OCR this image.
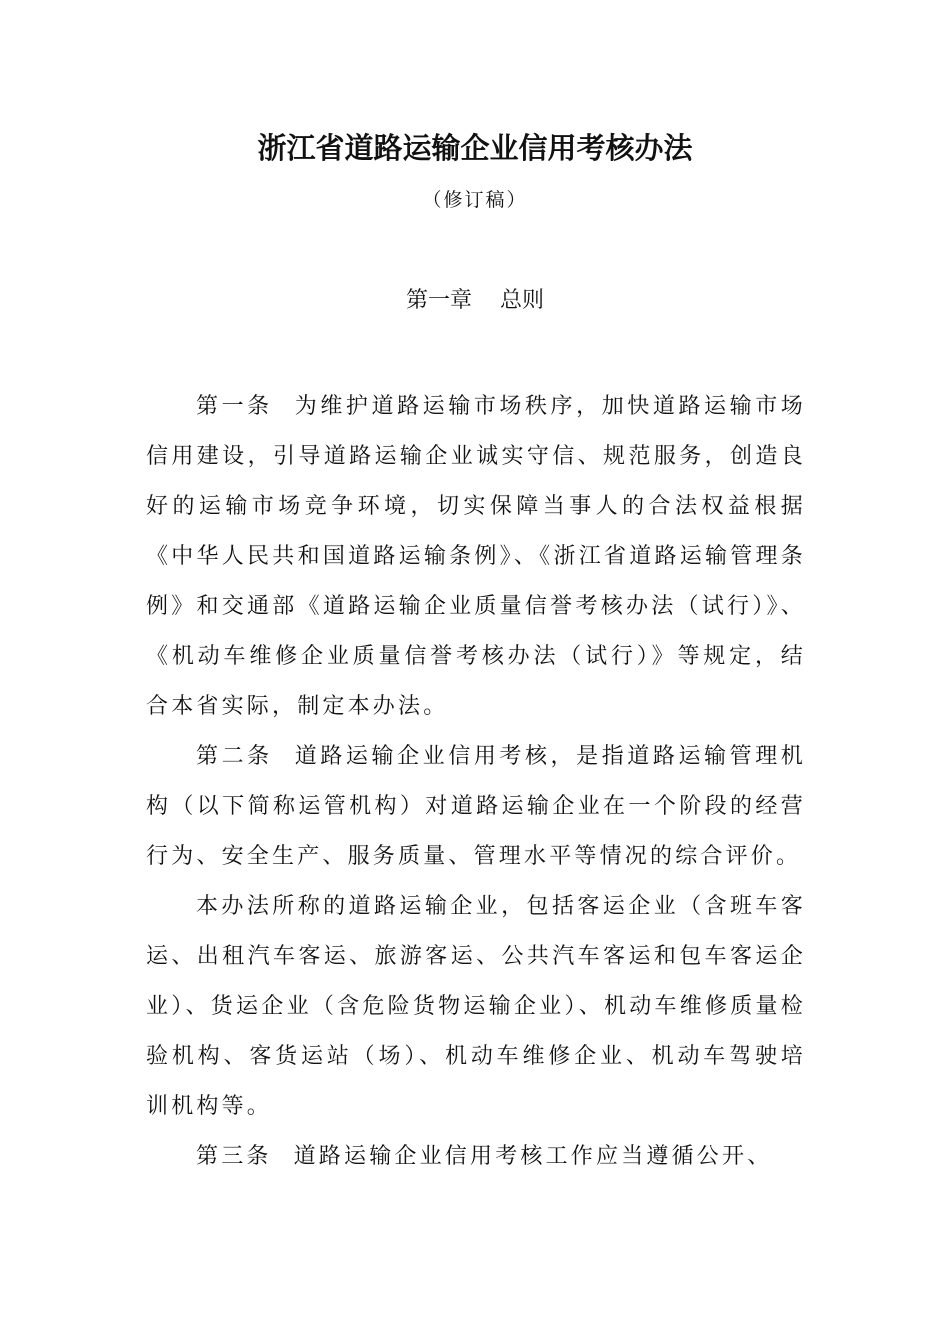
浙江省道路运输企业信用考核办法
（修订稿）
第一章 总则

第一条 为维护道路运输市场秩序，加快道路运输市场信用建设，引导道路运输企业诚实守信、规范服务，创造良好的运输市场竞争环境，切实保障当事人的合法权益根据《中华人民共和国道路运输条例》、《浙江省道路运输管理条例》和交通部《道路运输企业质量信誉考核办法（试行）》、《机动车维修企业质量信誉考核办法（试行）》等规定，结合本省实际，制定本办法。

第二条 道路运输企业信用考核，是指道路运输管理机构（以下简称运管机构）对道路运输企业在一个阶段的经营行为、安全生产、服务质量、管理水平等情况的综合评价。

本办法所称的道路运输企业，包括客运企业（含班车客运、出租汽车客运、旅游客运、公共汽车客运和包车客运企业）、货运企业（含危险货物运输企业）、机动车维修质量检验机构、客货运站（场）、机动车维修企业、机动车驾驶培训机构等。

第三条 道路运输企业信用考核工作应当遵循公开、
